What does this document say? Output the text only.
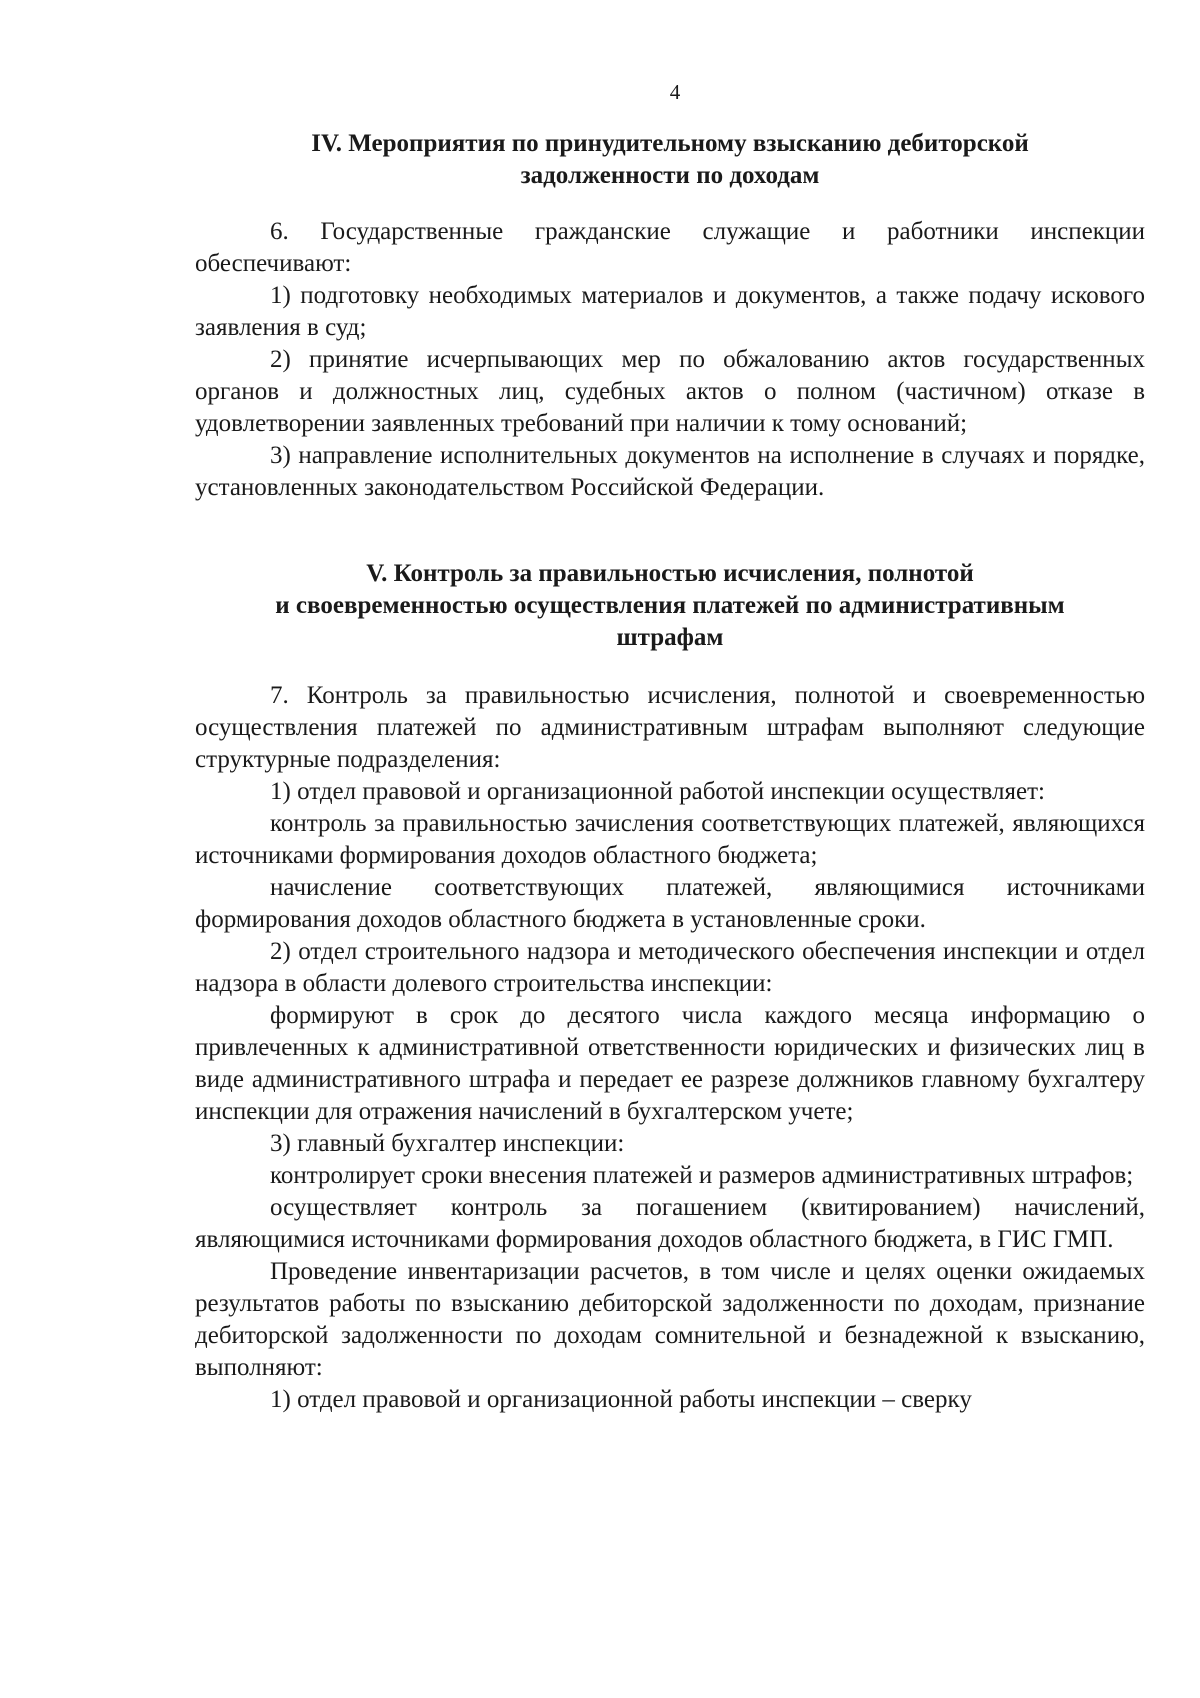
4
IV. Мероприятия по принудительному взысканию дебиторской
задолженности по доходам

6. Государственные гражданские служащие и работники инспекции обеспечивают:

1) подготовку необходимых материалов и документов, а также подачу искового заявления в суд;

2) принятие исчерпывающих мер по обжалованию актов государственных органов и должностных лиц, судебных актов о полном (частичном) отказе в удовлетворении заявленных требований при наличии к тому оснований;

3) направление исполнительных документов на исполнение в случаях и порядке, установленных законодательством Российской Федерации.

V. Контроль за правильностью исчисления, полнотой
и своевременностью осуществления платежей по административным
штрафам

7. Контроль за правильностью исчисления, полнотой и своевременностью осуществления платежей по административным штрафам выполняют следующие структурные подразделения:

1) отдел правовой и организационной работой инспекции осуществляет:

контроль за правильностью зачисления соответствующих платежей, являющихся источниками формирования доходов областного бюджета;

начисление соответствующих платежей, являющимися источниками формирования доходов областного бюджета в установленные сроки.

2) отдел строительного надзора и методического обеспечения инспекции и отдел надзора в области долевого строительства инспекции:

формируют в срок до десятого числа каждого месяца информацию о привлеченных к административной ответственности юридических и физических лиц в виде административного штрафа и передает ее разрезе должников главному бухгалтеру инспекции для отражения начислений в бухгалтерском учете;

3) главный бухгалтер инспекции:

контролирует сроки внесения платежей и размеров административных штрафов;

осуществляет контроль за погашением (квитированием) начислений, являющимися источниками формирования доходов областного бюджета, в ГИС ГМП.

Проведение инвентаризации расчетов, в том числе и целях оценки ожидаемых результатов работы по взысканию дебиторской задолженности по доходам, признание дебиторской задолженности по доходам сомнительной и безнадежной к взысканию, выполняют:

1) отдел правовой и организационной работы инспекции – сверку
